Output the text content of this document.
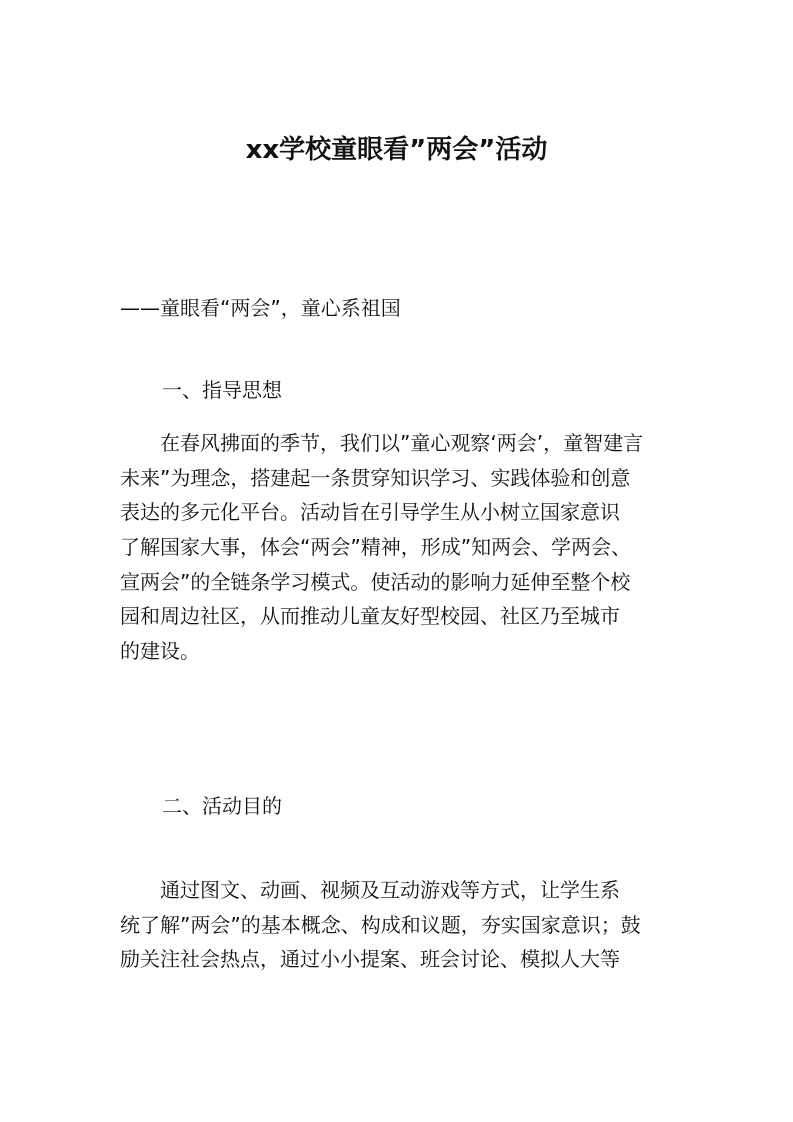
xx学校童眼看”两会”活动
——童眼看“两会”，童心系祖国
一、指导思想
　　在春风拂面的季节，我们以”童心观察‘两会’，童智建言
未来”为理念，搭建起一条贯穿知识学习、实践体验和创意
表达的多元化平台。活动旨在引导学生从小树立国家意识
了解国家大事，体会“两会”精神，形成”知两会、学两会、
宣两会”的全链条学习模式。使活动的影响力延伸至整个校
园和周边社区，从而推动儿童友好型校园、社区乃至城市
的建设。
二、活动目的
　　通过图文、动画、视频及互动游戏等方式，让学生系
统了解”两会”的基本概念、构成和议题，夯实国家意识；鼓
励关注社会热点，通过小小提案、班会讨论、模拟人大等
